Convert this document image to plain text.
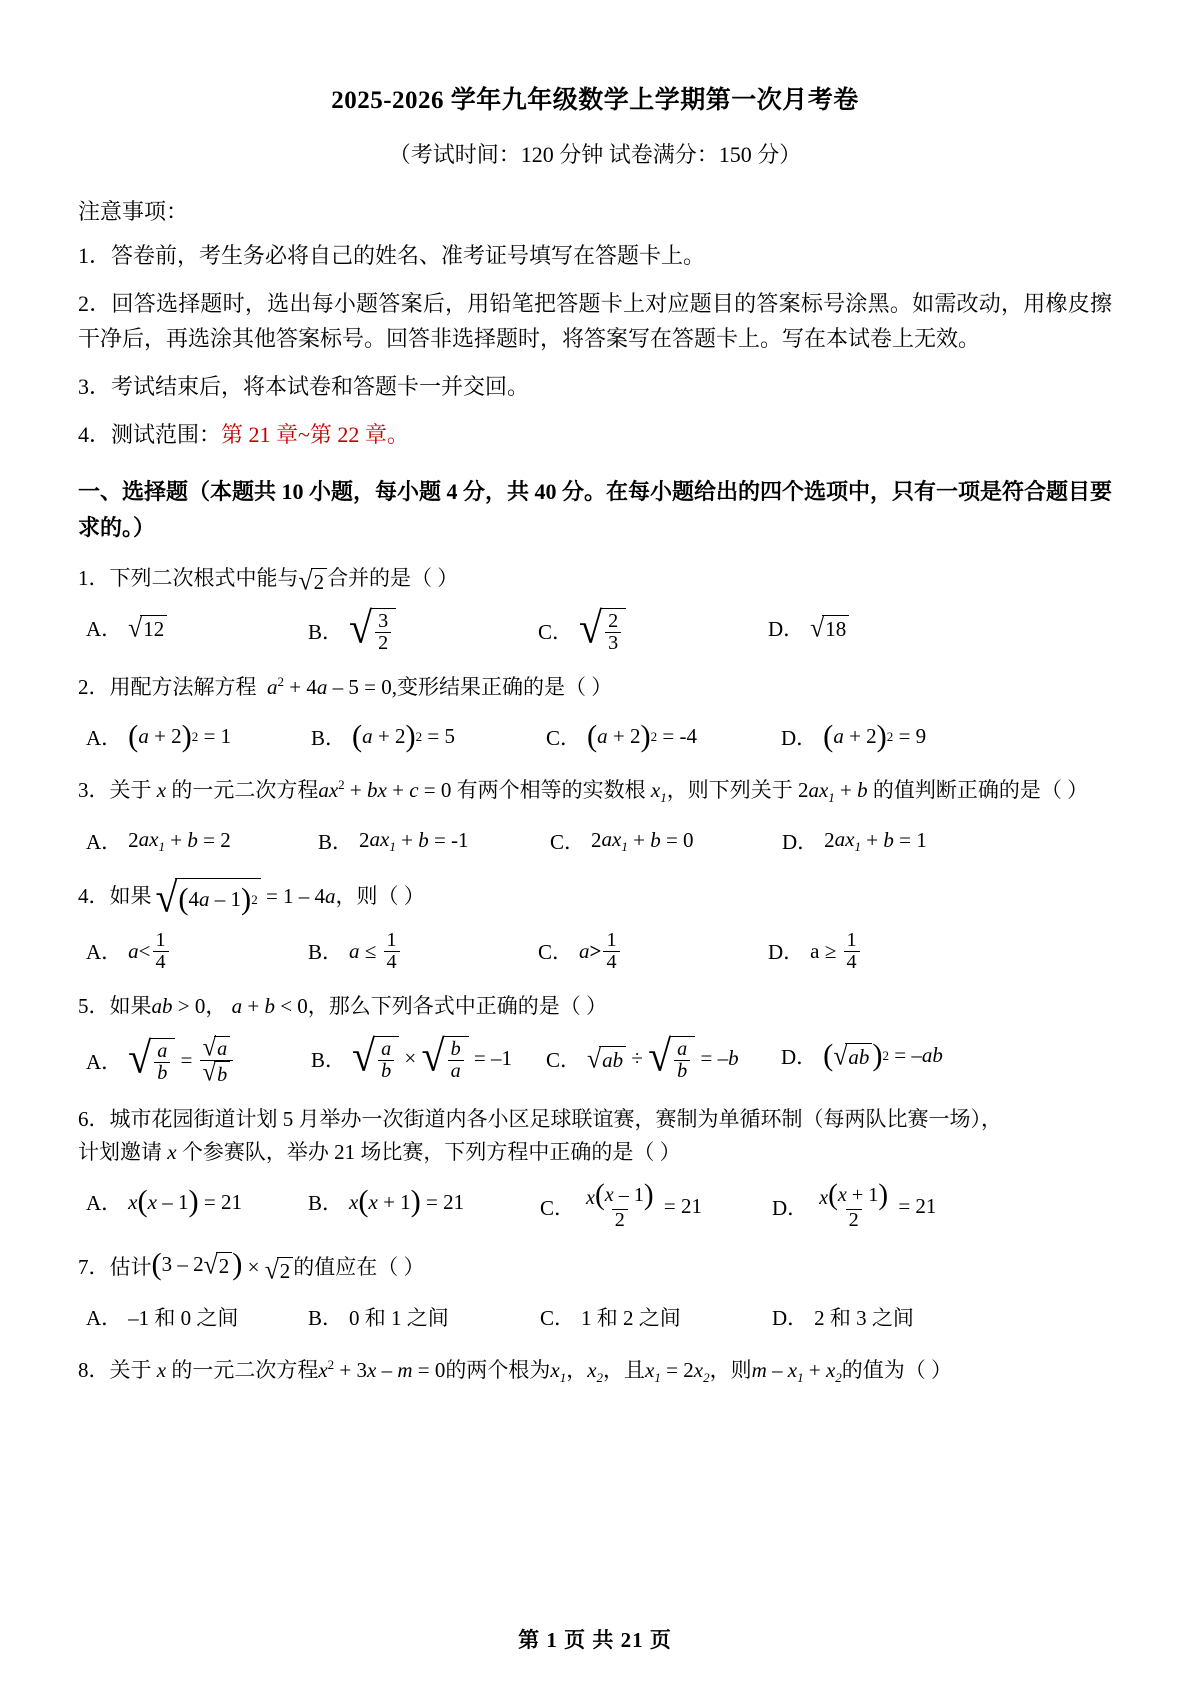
2025-2026 学年九年级数学上学期第一次月考卷
（考试时间：120 分钟 试卷满分：150 分）
注意事项：
1．答卷前，考生务必将自己的姓名、准考证号填写在答题卡上。
2．回答选择题时，选出每小题答案后，用铅笔把答题卡上对应题目的答案标号涂黑。如需改动，用橡皮擦干净后，再选涂其他答案标号。回答非选择题时，将答案写在答题卡上。写在本试卷上无效。
3．考试结束后，将本试卷和答题卡一并交回。
4．测试范围：第 21 章~第 22 章。
一、选择题（本题共 10 小题，每小题 4 分，共 40 分。在每小题给出的四个选项中，只有一项是符合题目要求的。）
1．下列二次根式中能与 √ 2 合并的是（ ）
A． √ 12	B． √ $\frac{3}{2}$	C． √ $\frac{2}{3}$	D． √ 18
2．用配方法解方程 $a^2 + 4a - 5 = 0$,变形结果正确的是（ ）
A． ( a + 2 ) 2 = 1	B． ( a + 2 ) 2 = 5	C． ( a + 2 ) 2 = -4	D． ( a + 2 ) 2 = 9
3．关于 x 的一元二次方程$ax^2$ + bx + c = 0 有两个相等的实数根 $x_1$，则下列关于 $2ax_1 + b$ 的值判断正确的是（ ）
A． 2 $ax_1 + b = 2$	B． 2 $ax_1 + b = -1$	C． 2 $ax_1 + b = 0$	D． 2 $ax_1 + b = 1$
4．如果 √ ( 4 a – 1 ) 2 = 1 – 4a，则（ ）
A． $a < \frac{1}{4}$	B． $a \le \frac{1}{4}$	C． $a > \frac{1}{4}$	D． $a \ge \frac{1}{4}$
5．如果ab > 0， a + b < 0，那么下列各式中正确的是（ ）
A． √ $\frac{a}{b} = \frac{√ a}{√ b}$	B． √ $\frac{a}{b}$ × √ $\frac{b}{a} = -1$ C． √ ab ÷ √ $\frac{a}{b}$ = – b D． ( √ ab ) 2 = – ab
6．城市花园街道计划 5 月举办一次街道内各小区足球联谊赛，赛制为单循环制（每两队比赛一场），
计划邀请 x 个参赛队，举办 21 场比赛，下列方程中正确的是（ ）
A． x ( x – 1 ) = 21	B． x ( x + 1 ) = 21	C． $\frac{x ( x - 1 )}{2} = 21$	D． $\frac{x ( x + 1 )}{2} = 21$
7．估计 ( 3 – 2 √ 2 ) × √ 2 的值应在（ ）
A． –1 和 0 之间	B． 0 和 1 之间	C． 1 和 2 之间	D． 2 和 3 之间
8．关于 x 的一元二次方程$x^2 + 3x - m = 0$的两个根为$x_1$，$x_2$，且$x_1 = 2x_2$，则$m - x_1 + x_2$的值为（ ）
第 1 页 共 21 页
